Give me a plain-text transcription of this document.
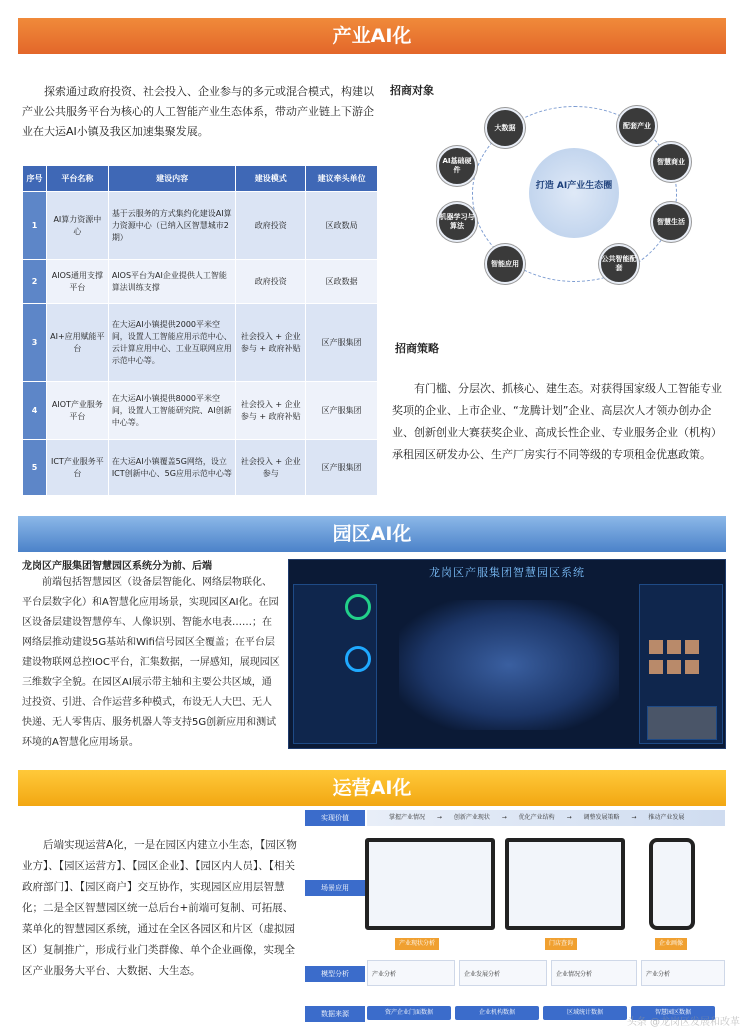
产业AI化

探索通过政府投资、社会投入、企业参与的多元或混合模式，构建以产业公共服务平台为核心的人工智能产业生态体系，带动产业链上下游企业在大运AI小镇及我区加速集聚发展。

序号	平台名称	建设内容	建设模式	建议牵头单位
1	AI算力资源中心	基于云服务的方式集约化建设AI算力资源中心（已纳入区智慧城市2期）	政府投资	区政数局
2	AIOS通用支撑平台	AIOS平台为AI企业提供人工智能算法训练支撑	政府投资	区政数据
3	AI+应用赋能平台	在大运AI小镇提供2000平米空间，设置人工智能应用示范中心、云计算应用中心、工业互联网应用示范中心等。	社会投入 + 企业参与 + 政府补贴	区产服集团
4	AIOT产业服务平台	在大运AI小镇提供8000平米空间，设置人工智能研究院、AI创新中心等。	社会投入 + 企业参与 + 政府补贴	区产服集团
5	ICT产业服务平台	在大运AI小镇覆盖5G网络，设立ICT创新中心、5G应用示范中心等	社会投入 + 企业参与	区产服集团
招商对象
打造 AI产业生态圈
大数据
AI基础硬件
机器学习与算法
智能应用
配套产业
智慧商业
智慧生活
公共智能配套
招商策略

有门槛、分层次、抓核心、建生态。对获得国家级人工智能专业奖项的企业、上市企业、“龙腾计划”企业、高层次人才领办创办企业、创新创业大赛获奖企业、高成长性企业、专业服务企业（机构）承租园区研发办公、生产厂房实行不同等级的专项租金优惠政策。

园区AI化
龙岗区产服集团智慧园区系统分为前、后端

前端包括智慧园区（设备层智能化、网络层物联化、平台层数字化）和A智慧化应用场景，实现园区AI化。在园区设备层建设智慧停车、人像识别、智能水电表……；在网络层推动建设5G基站和Wifi信号园区全覆盖；在平台层建设物联网总控IOC平台，汇集数据，一屏感知，展现园区三维数字全貌。在园区AI展示带主轴和主要公共区域，通过投资、引进、合作运营多种模式，布设无人大巴、无人快递、无人零售店、服务机器人等支持5G创新应用和测试环境的A智慧化应用场景。

龙岗区产服集团智慧园区系统
运营AI化

后端实现运营A化，一是在园区内建立小生态，【园区物业方】、【园区运营方】、【园区企业】、【园区内人员】、【相关政府部门】、【园区商户】交互协作，实现园区应用层智慧化；二是全区智慧园区统一总后台+前端可复制、可拓展、菜单化的智慧园区系统，通过在全区各园区和片区（虚拟园区）复制推广，形成行业门类群像、单个企业画像，实现全区产业服务大平台、大数据、大生态。

实现价值	掌握产业情况 → 创新产业现状 → 优化产业结构 → 调整发展策略 → 推动产业发展
场景应用
产业现状分析	门店查询	企业画像
模型分析	产业分析	企业发展分析	企业情况分析	产业分析
数据来源	资产企业门面数据	企业机构数据	区域统计数据	智慧园区数据
头条 @龙岗区发展和改革
